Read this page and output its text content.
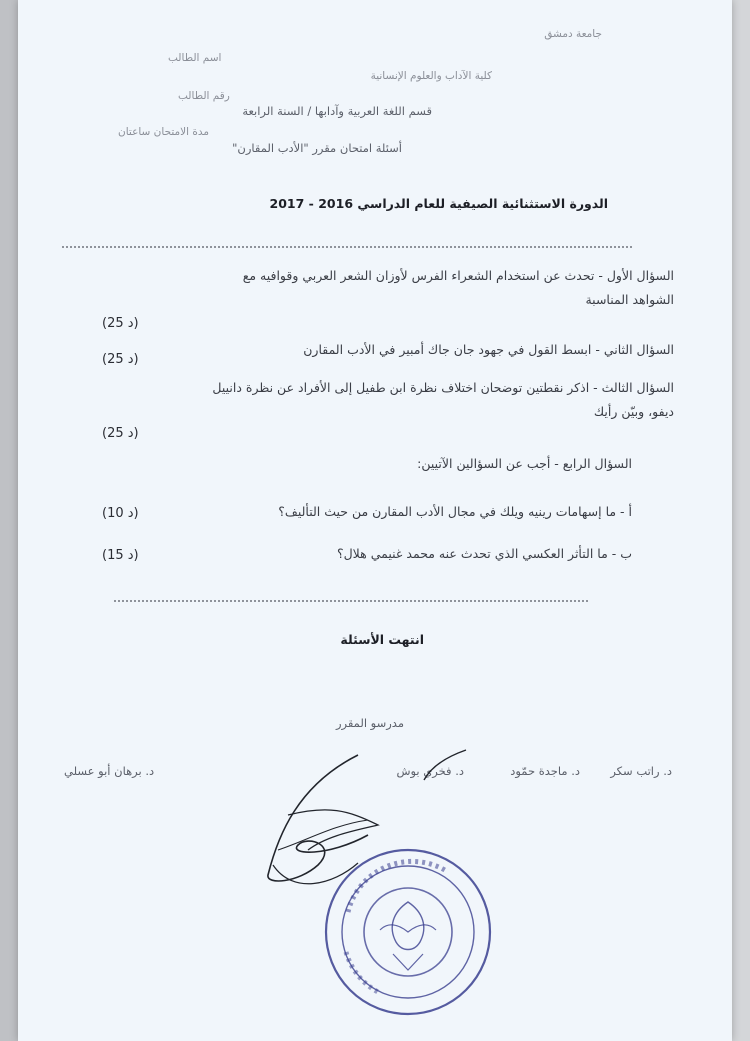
جامعة دمشق
كلية الآداب والعلوم الإنسانية
قسم اللغة العربية وآدابها / السنة الرابعة
أسئلة امتحان مقرر "الأدب المقارن"
اسم الطالب
رقم الطالب
مدة الامتحان ساعتان
الدورة الاستثنائية الصيفية للعام الدراسي 2016 - 2017
السؤال الأول - تحدث عن استخدام الشعراء الفرس لأوزان الشعر العربي وقوافيه مع
الشواهد المناسبة
(25 د)
السؤال الثاني - ابسط القول في جهود جان جاك أمبير في الأدب المقارن
(25 د)
السؤال الثالث - اذكر نقطتين توضحان اختلاف نظرة ابن طفيل إلى الأفراد عن نظرة دانييل
ديفو، وبيّن رأيك
(25 د)
السؤال الرابع - أجب عن السؤالين الآتيين:
أ - ما إسهامات رينيه ويلك في مجال الأدب المقارن من حيث التأليف؟
(10 د)
ب - ما التأثر العكسي الذي تحدث عنه محمد غنيمي هلال؟
(15 د)
انتهت الأسئلة
مدرسو المقرر
د. راتب سكر
د. ماجدة حمّود
د. فخري بوش
د. برهان أبو عسلي
